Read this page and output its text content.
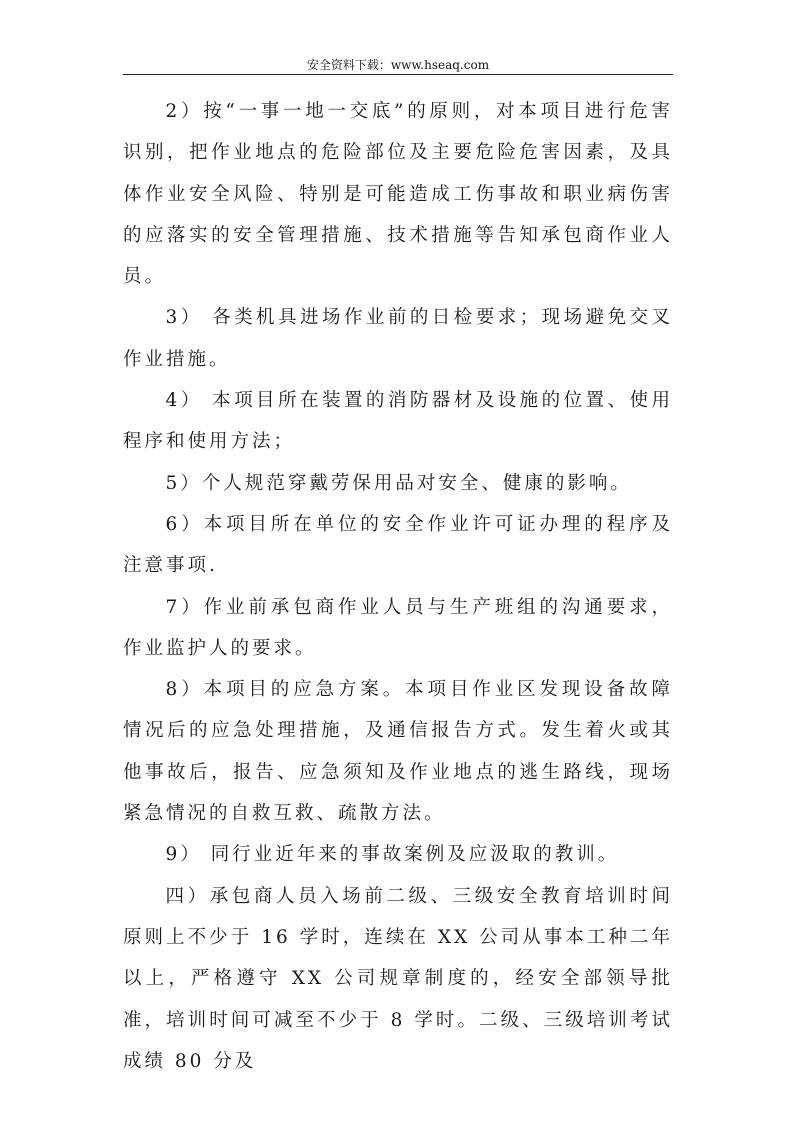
安全资料下载：www.hseaq.com

2）按“一事一地一交底”的原则，对本项目进行危害识别，把作业地点的危险部位及主要危险危害因素，及具体作业安全风险、特别是可能造成工伤事故和职业病伤害的应落实的安全管理措施、技术措施等告知承包商作业人员。

3） 各类机具进场作业前的日检要求；现场避免交叉作业措施。

4） 本项目所在装置的消防器材及设施的位置、使用程序和使用方法；

5）个人规范穿戴劳保用品对安全、健康的影响。

6）本项目所在单位的安全作业许可证办理的程序及注意事项.

7）作业前承包商作业人员与生产班组的沟通要求，作业监护人的要求。

8）本项目的应急方案。本项目作业区发现设备故障情况后的应急处理措施，及通信报告方式。发生着火或其他事故后，报告、应急须知及作业地点的逃生路线，现场紧急情况的自救互救、疏散方法。

9） 同行业近年来的事故案例及应汲取的教训。

四）承包商人员入场前二级、三级安全教育培训时间原则上不少于 16 学时，连续在 XX 公司从事本工种二年以上，严格遵守 XX 公司规章制度的，经安全部领导批准，培训时间可减至不少于 8 学时。二级、三级培训考试成绩 80 分及
